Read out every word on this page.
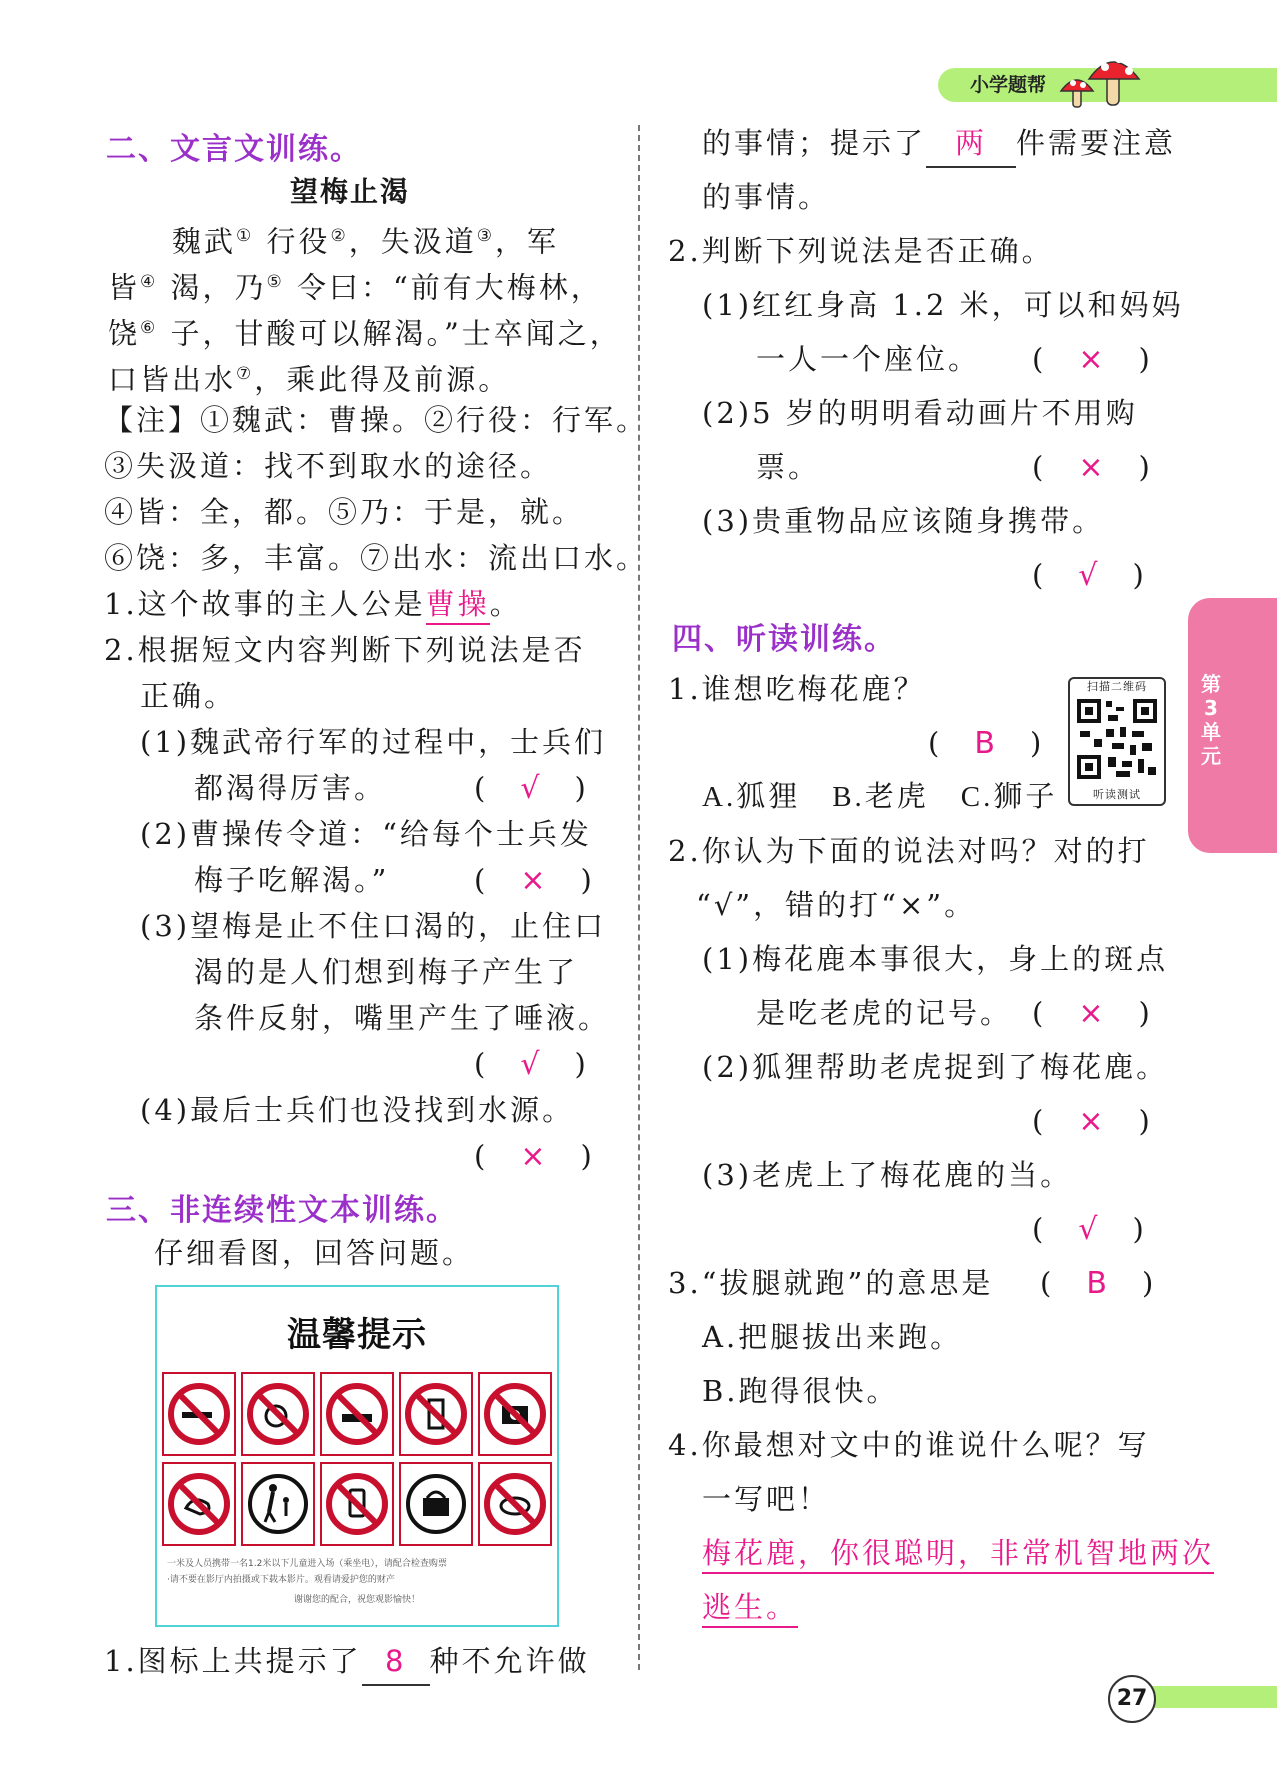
小学题帮
二、文言文训练。
望梅止渴
魏武① 行役②，失汲道③，军
皆④ 渴，乃⑤ 令曰：“前有大梅林，
饶⑥ 子，甘酸可以解渴。”士卒闻之，
口皆出水⑦，乘此得及前源。
【注】①魏武：曹操。②行役：行军。
③失汲道：找不到取水的途径。
④皆：全，都。⑤乃：于是，就。
⑥饶：多，丰富。⑦出水：流出口水。
1.这个故事的主人公是曹操。
2.根据短文内容判断下列说法是否
正确。
(1)魏武帝行军的过程中，士兵们
都渴得厉害。	(　 √　 )
(2)曹操传令道：“给每个士兵发
梅子吃解渴。”	(　 ×　 )
(3)望梅是止不住口渴的，止住口
渴的是人们想到梅子产生了
条件反射，嘴里产生了唾液。
(　 √　 )
(4)最后士兵们也没找到水源。
(　 ×　 )
三、非连续性文本训练。
仔细看图，回答问题。
温馨提示
一米及人员携带一名1.2米以下儿童进入场（乘坐电），请配合检查购票
·请不要在影厅内拍摄或下载本影片。观看请爱护您的财产
谢谢您的配合，祝您观影愉快！
1.图标上共提示了 8 种不允许做
的事情；提示了 两 件需要注意
的事情。
2.判断下列说法是否正确。
(1)红红身高 1.2 米，可以和妈妈
一人一个座位。 (　 ×　 )
(2)5 岁的明明看动画片不用购
票。	(　 ×　 )
(3)贵重物品应该随身携带。
(　 √　 )
四、听读训练。
1.谁想吃梅花鹿？
(　 B　 )
A.狐狸　B.老虎　C.狮子
扫描二维码
听读测试
2.你认为下面的说法对吗？对的打
“√”，错的打“×”。
(1)梅花鹿本事很大，身上的斑点
是吃老虎的记号。 (　 ×　 )
(2)狐狸帮助老虎捉到了梅花鹿。
(　 ×　 )
(3)老虎上了梅花鹿的当。
(　 √　 )
3.“拔腿就跑”的意思是 (　 B　 )
A.把腿拔出来跑。
B.跑得很快。
4.你最想对文中的谁说什么呢？写
一写吧！
梅花鹿，你很聪明，非常机智地两次
逃生。
第3单元
27
